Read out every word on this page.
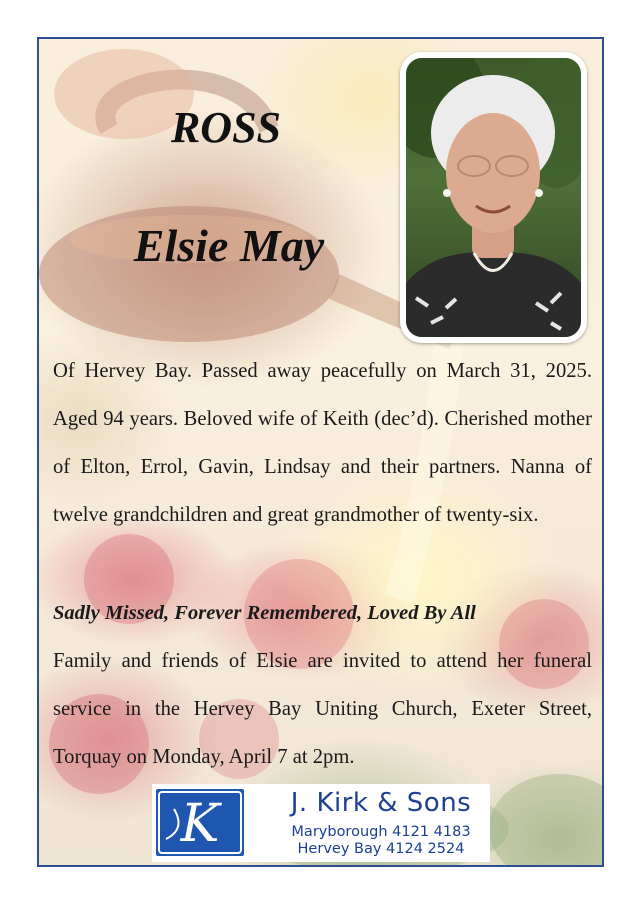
ROSS
Elsie May

Of Hervey Bay. Passed away peacefully on March 31, 2025. Aged 94 years. Beloved wife of Keith (dec’d). Cherished mother of Elton, Errol, Gavin, Lindsay and their partners. Nanna of twelve grandchildren and great grandmother of twenty-six.

Sadly Missed, Forever Remembered, Loved By All

Family and friends of Elsie are invited to attend her funeral service in the Hervey Bay Uniting Church, Exeter Street, Torquay on Monday, April 7 at 2pm.

K	J. Kirk & Sons
Maryborough 4121 4183
Hervey Bay 4124 2524
